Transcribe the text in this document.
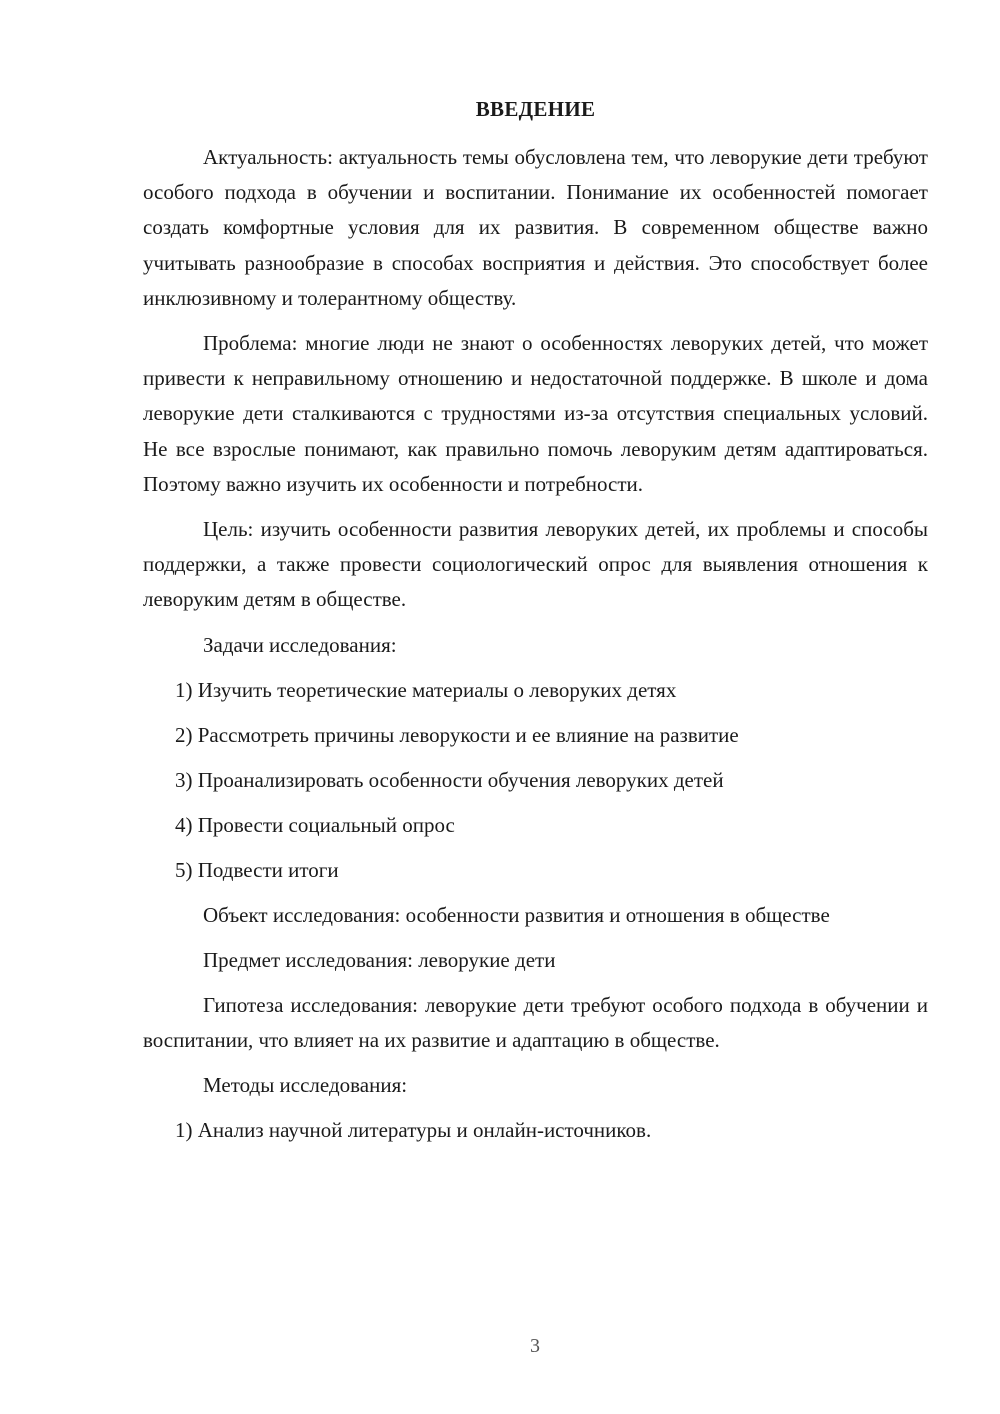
ВВЕДЕНИЕ

Актуальность: актуальность темы обусловлена тем, что леворукие дети требуют особого подхода в обучении и воспитании. Понимание их особенностей помогает создать комфортные условия для их развития. В современном обществе важно учитывать разнообразие в способах восприятия и действия. Это способствует более инклюзивному и толерантному обществу.

Проблема: многие люди не знают о особенностях леворуких детей, что может привести к неправильному отношению и недостаточной поддержке. В школе и дома леворукие дети сталкиваются с трудностями из-за отсутствия специальных условий. Не все взрослые понимают, как правильно помочь леворуким детям адаптироваться. Поэтому важно изучить их особенности и потребности.

Цель: изучить особенности развития леворуких детей, их проблемы и способы поддержки, а также провести социологический опрос для выявления отношения к леворуким детям в обществе.

Задачи исследования:

1) Изучить теоретические материалы о леворуких детях

2) Рассмотреть причины леворукости и ее влияние на развитие

3) Проанализировать особенности обучения леворуких детей

4) Провести социальный опрос

5) Подвести итоги

Объект исследования: особенности развития и отношения в обществе

Предмет исследования: леворукие дети

Гипотеза исследования: леворукие дети требуют особого подхода в обучении и воспитании, что влияет на их развитие и адаптацию в обществе.

Методы исследования:

1) Анализ научной литературы и онлайн-источников.

3
